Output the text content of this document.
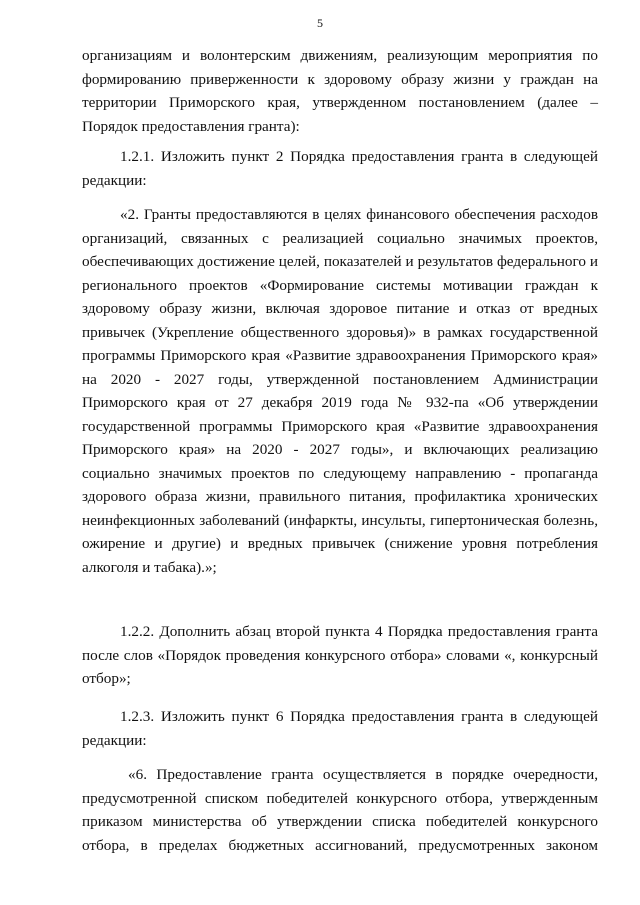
5
организациям и волонтерским движениям, реализующим мероприятия по
формированию приверженности к здоровому образу жизни у граждан на
территории Приморского края, утвержденном постановлением (далее –
Порядок предоставления гранта):
1.2.1. Изложить пункт 2 Порядка предоставления гранта в следующей
редакции:
«2. Гранты предоставляются в целях финансового обеспечения расходов
организаций, связанных с реализацией социально значимых проектов,
обеспечивающих достижение целей, показателей и результатов федерального и
регионального проектов «Формирование системы мотивации граждан к
здоровому образу жизни, включая здоровое питание и отказ от вредных
привычек (Укрепление общественного здоровья)» в рамках государственной
программы Приморского края «Развитие здравоохранения Приморского края»
на 2020 - 2027 годы, утвержденной постановлением Администрации
Приморского края от 27 декабря 2019 года № 932-па «Об утверждении
государственной программы Приморского края «Развитие здравоохранения
Приморского края» на 2020 - 2027 годы», и включающих реализацию
социально значимых проектов по следующему направлению - пропаганда
здорового образа жизни, правильного питания, профилактика хронических
неинфекционных заболеваний (инфаркты, инсульты, гипертоническая болезнь,
ожирение и другие) и вредных привычек (снижение уровня потребления
алкоголя и табака).»;
1.2.2. Дополнить абзац второй пункта 4 Порядка предоставления гранта
после слов «Порядок проведения конкурсного отбора» словами «, конкурсный
отбор»;
1.2.3. Изложить пункт 6 Порядка предоставления гранта в следующей
редакции:
«6. Предоставление гранта осуществляется в порядке очередности,
предусмотренной списком победителей конкурсного отбора, утвержденным
приказом министерства об утверждении списка победителей конкурсного
отбора, в пределах бюджетных ассигнований, предусмотренных законом
